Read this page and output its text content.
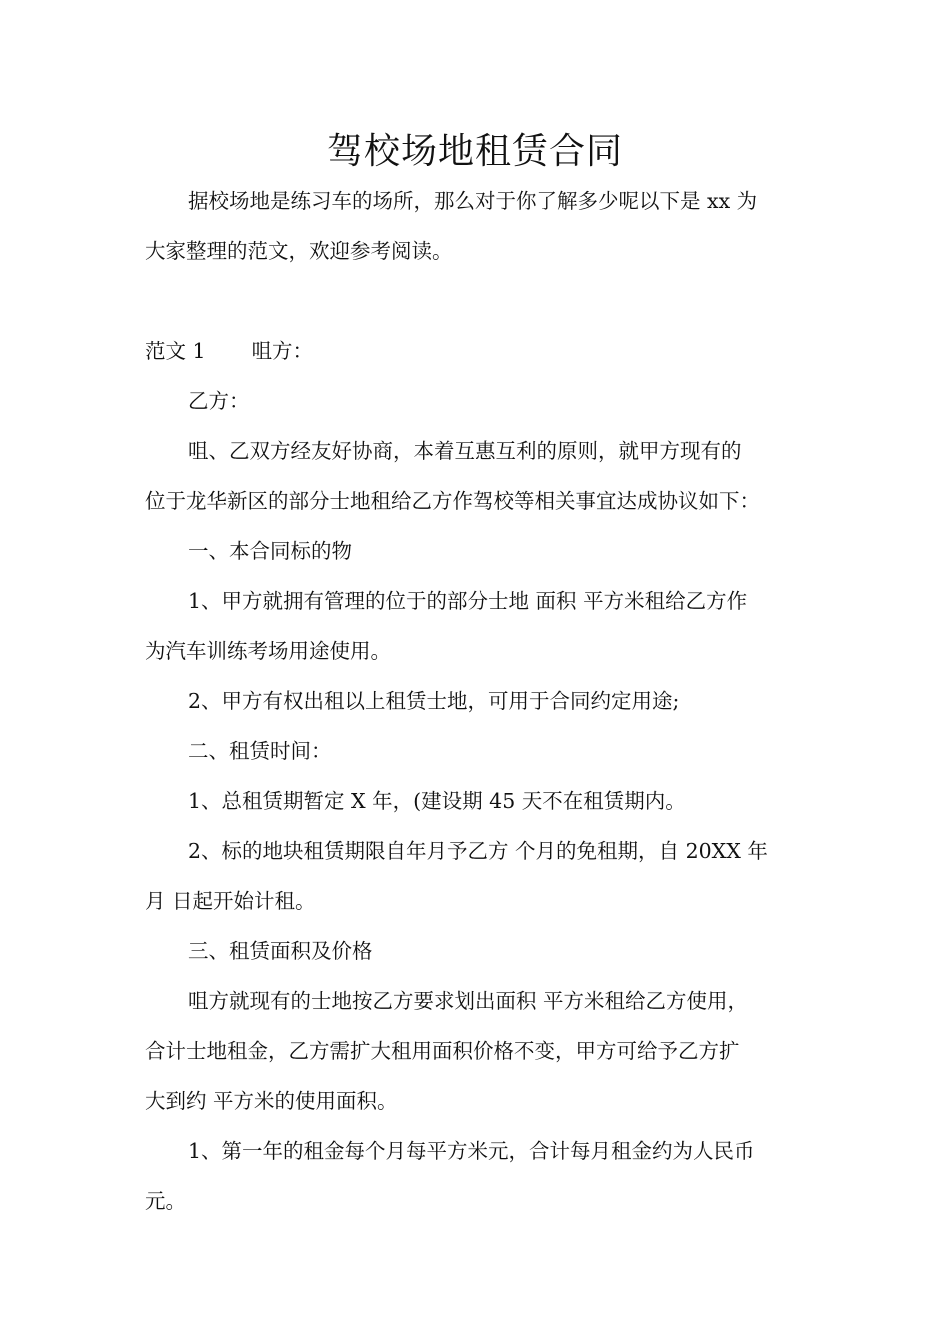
驾校场地租赁合同
据校场地是练习车的场所，那么对于你了解多少呢以下是 xx 为
大家整理的范文，欢迎参考阅读。
范文 1 咀方：
乙方：
咀、乙双方经友好协商，本着互惠互利的原则，就甲方现有的
位于龙华新区的部分士地租给乙方作驾校等相关事宜达成协议如下：
一、本合同标的物
1、甲方就拥有管理的位于的部分士地 面积 平方米租给乙方作
为汽车训练考场用途使用。
2、甲方有权出租以上租赁士地，可用于合同约定用途;
二、租赁时间：
1、总租赁期暂定 X 年，(建设期 45 天不在租赁期内。
2、标的地块租赁期限自年月予乙方 个月的免租期，自 20XX 年
月 日起开始计租。
三、租赁面积及价格
咀方就现有的士地按乙方要求划出面积 平方米租给乙方使用，
合计士地租金，乙方需扩大租用面积价格不变，甲方可给予乙方扩
大到约 平方米的使用面积。
1、第一年的租金每个月每平方米元，合计每月租金约为人民币
元。
